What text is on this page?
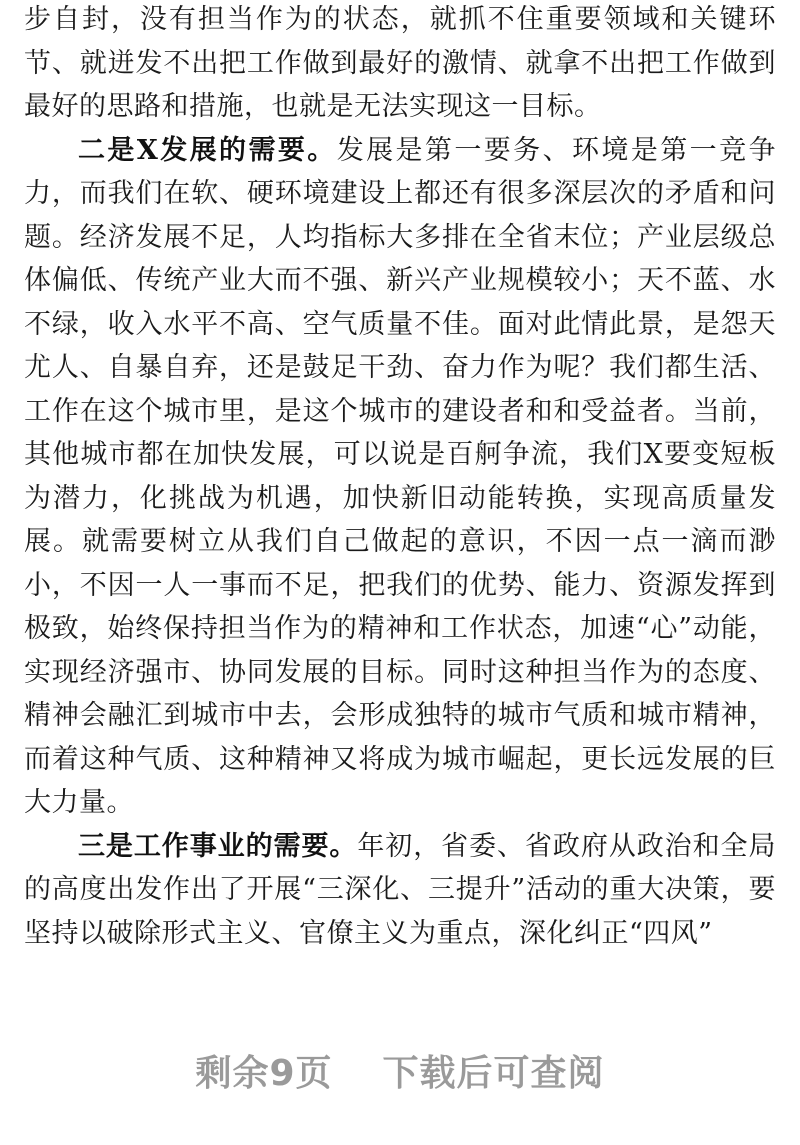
步自封，没有担当作为的状态，就抓不住重要领域和关键环节、就迸发不出把工作做到最好的激情、就拿不出把工作做到最好的思路和措施，也就是无法实现这一目标。

二是X发展的需要。发展是第一要务、环境是第一竞争力，而我们在软、硬环境建设上都还有很多深层次的矛盾和问题。经济发展不足，人均指标大多排在全省末位；产业层级总体偏低、传统产业大而不强、新兴产业规模较小；天不蓝、水不绿，收入水平不高、空气质量不佳。面对此情此景，是怨天尤人、自暴自弃，还是鼓足干劲、奋力作为呢？我们都生活、工作在这个城市里，是这个城市的建设者和和受益者。当前，其他城市都在加快发展，可以说是百舸争流，我们X要变短板为潜力，化挑战为机遇，加快新旧动能转换，实现高质量发展。就需要树立从我们自己做起的意识，不因一点一滴而渺小，不因一人一事而不足，把我们的优势、能力、资源发挥到极致，始终保持担当作为的精神和工作状态，加速“心”动能，实现经济强市、协同发展的目标。同时这种担当作为的态度、精神会融汇到城市中去，会形成独特的城市气质和城市精神，而着这种气质、这种精神又将成为城市崛起，更长远发展的巨大力量。

三是工作事业的需要。年初，省委、省政府从政治和全局的高度出发作出了开展“三深化、三提升”活动的重大决策，要坚持以破除形式主义、官僚主义为重点，深化纠正“四风”

剩余9页 下载后可查阅
